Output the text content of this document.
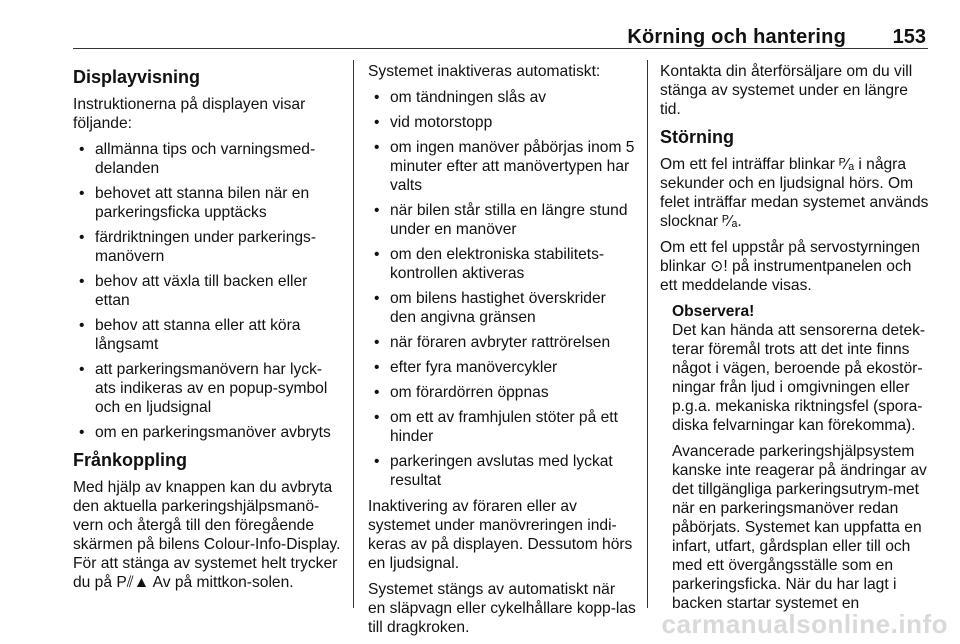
Körning och hantering 153
Displayvisning

Instruktionerna på displayen visar följande:

• allmänna tips och varningsmed-delanden
• behovet att stanna bilen när en parkeringsficka upptäcks
• färdriktningen under parkerings-manövern
• behov att växla till backen eller ettan
• behov att stanna eller att köra långsamt
• att parkeringsmanövern har lyck-ats indikeras av en popup-symbol och en ljudsignal
• om en parkeringsmanöver avbryts
Frånkoppling

Med hjälp av knappen kan du avbryta den aktuella parkeringshjälpsmanö-vern och återgå till den föregående skärmen på bilens Colour-Info-Display. För att stänga av systemet helt trycker du på P⫽▲ Av på mittkon-solen.

Systemet inaktiveras automatiskt:

• om tändningen slås av
• vid motorstopp
• om ingen manöver påbörjas inom 5 minuter efter att manövertypen har valts
• när bilen står stilla en längre stund under en manöver
• om den elektroniska stabilitets-kontrollen aktiveras
• om bilens hastighet överskrider den angivna gränsen
• när föraren avbryter rattrörelsen
• efter fyra manövercykler
• om förardörren öppnas
• om ett av framhjulen stöter på ett hinder
• parkeringen avslutas med lyckat resultat

Inaktivering av föraren eller av systemet under manövreringen indi-keras av på displayen. Dessutom hörs en ljudsignal.

Systemet stängs av automatiskt när en släpvagn eller cykelhållare kopp-las till dragkroken.

Kontakta din återförsäljare om du vill stänga av systemet under en längre tid.

Störning

Om ett fel inträffar blinkar ᴾ⁄ₐ i några sekunder och en ljudsignal hörs. Om felet inträffar medan systemet används slocknar ᴾ⁄ₐ.

Om ett fel uppstår på servostyrningen blinkar ⊙! på instrumentpanelen och ett meddelande visas.

Observera!

Det kan hända att sensorerna detek-terar föremål trots att det inte finns något i vägen, beroende på ekostör-ningar från ljud i omgivningen eller p.g.a. mekaniska riktningsfel (spora-diska felvarningar kan förekomma).

Avancerade parkeringshjälpsystem kanske inte reagerar på ändringar av det tillgängliga parkeringsutrym-met när en parkeringsmanöver redan påbörjats. Systemet kan uppfatta en infart, utfart, gårdsplan eller till och med ett övergångsställe som en parkeringsficka. När du har lagt i backen startar systemet en

carmanualsonline.info
